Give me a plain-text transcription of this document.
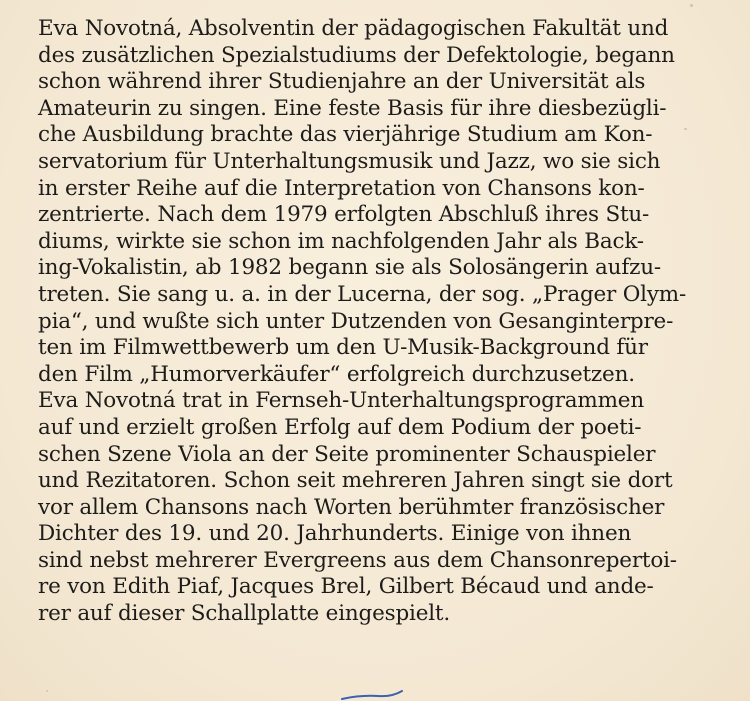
Eva Novotná, Absolventin der pädagogischen Fakultät und
des zusätzlichen Spezialstudiums der Defektologie, begann
schon während ihrer Studienjahre an der Universität als
Amateurin zu singen. Eine feste Basis für ihre diesbezügli-
che Ausbildung brachte das vierjährige Studium am Kon-
servatorium für Unterhaltungsmusik und Jazz, wo sie sich
in erster Reihe auf die Interpretation von Chansons kon-
zentrierte. Nach dem 1979 erfolgten Abschluß ihres Stu-
diums, wirkte sie schon im nachfolgenden Jahr als Back-
ing-Vokalistin, ab 1982 begann sie als Solosängerin aufzu-
treten. Sie sang u. a. in der Lucerna, der sog. „Prager Olym-
pia“, und wußte sich unter Dutzenden von Gesanginterpre-
ten im Filmwettbewerb um den U-Musik-Background für
den Film „Humorverkäufer“ erfolgreich durchzusetzen.
Eva Novotná trat in Fernseh-Unterhaltungsprogrammen
auf und erzielt großen Erfolg auf dem Podium der poeti-
schen Szene Viola an der Seite prominenter Schauspieler
und Rezitatoren. Schon seit mehreren Jahren singt sie dort
vor allem Chansons nach Worten berühmter französischer
Dichter des 19. und 20. Jahrhunderts. Einige von ihnen
sind nebst mehrerer Evergreens aus dem Chansonrepertoi-
re von Edith Piaf, Jacques Brel, Gilbert Bécaud und ande-
rer auf dieser Schallplatte eingespielt.
